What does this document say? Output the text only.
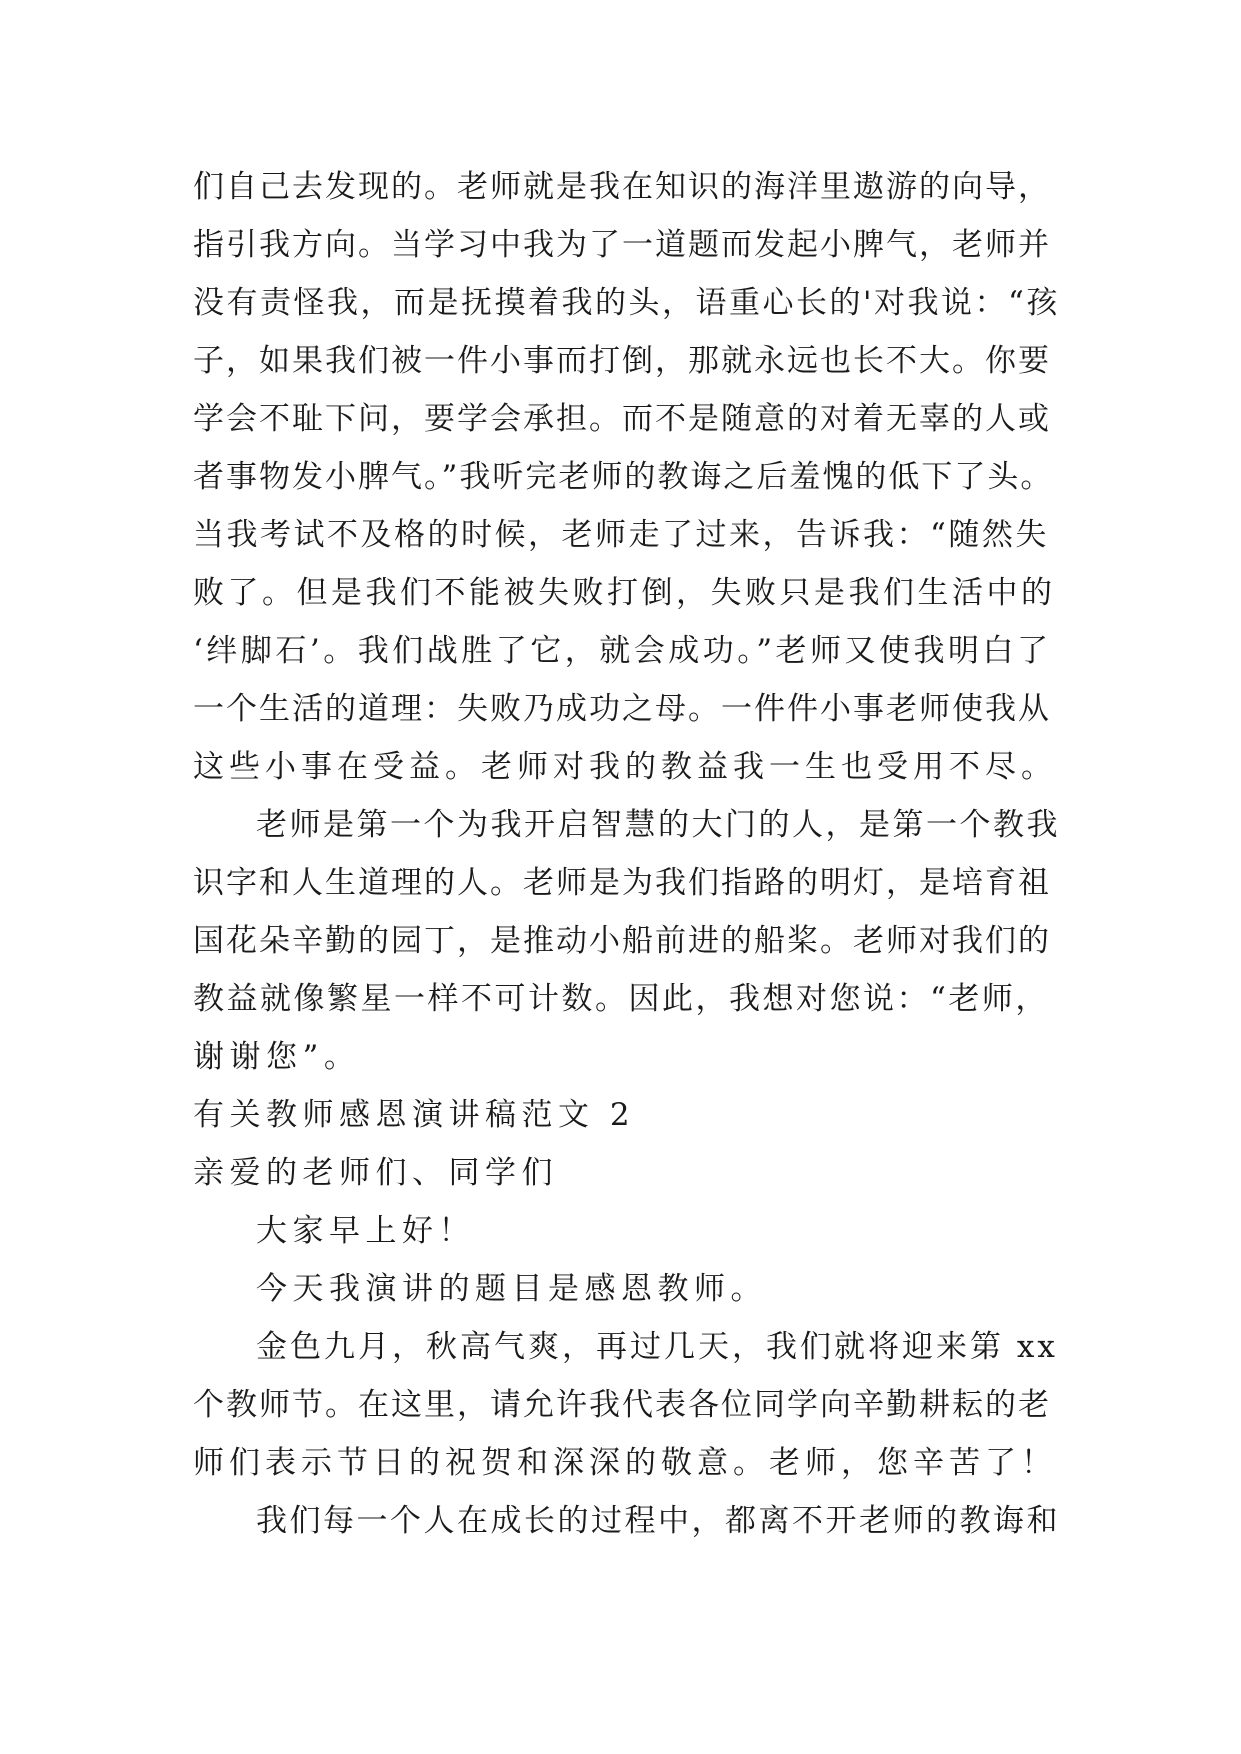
们自己去发现的。老师就是我在知识的海洋里遨游的向导，
指引我方向。当学习中我为了一道题而发起小脾气，老师并
没有责怪我，而是抚摸着我的头，语重心长的'对我说：“孩
子，如果我们被一件小事而打倒，那就永远也长不大。你要
学会不耻下问，要学会承担。而不是随意的对着无辜的人或
者事物发小脾气。”我听完老师的教诲之后羞愧的低下了头。
当我考试不及格的时候，老师走了过来，告诉我：“随然失
败了。但是我们不能被失败打倒，失败只是我们生活中的
‘绊脚石’。我们战胜了它，就会成功。”老师又使我明白了
一个生活的道理：失败乃成功之母。一件件小事老师使我从
这些小事在受益。老师对我的教益我一生也受用不尽。
老师是第一个为我开启智慧的大门的人，是第一个教我
识字和人生道理的人。老师是为我们指路的明灯，是培育祖
国花朵辛勤的园丁，是推动小船前进的船桨。老师对我们的
教益就像繁星一样不可计数。因此，我想对您说：“老师，
谢谢您”。
有关教师感恩演讲稿范文 2
亲爱的老师们、同学们
大家早上好！
今天我演讲的题目是感恩教师。
金色九月，秋高气爽，再过几天，我们就将迎来第 xx
个教师节。在这里，请允许我代表各位同学向辛勤耕耘的老
师们表示节日的祝贺和深深的敬意。老师，您辛苦了！
我们每一个人在成长的过程中，都离不开老师的教诲和
